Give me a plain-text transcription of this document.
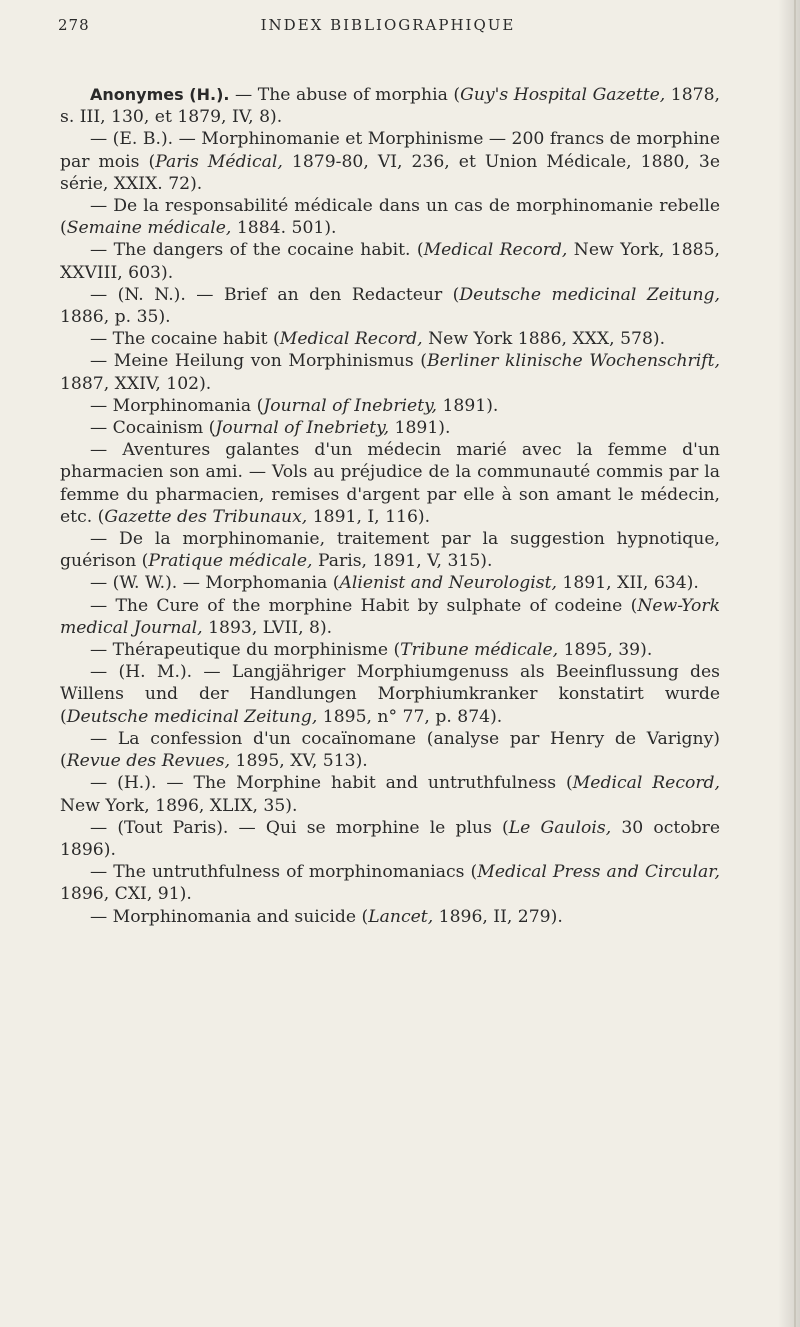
278	INDEX BIBLIOGRAPHIQUE

Anonymes (H.). — The abuse of morphia (Guy's Hospital Gazette, 1878, s. III, 130, et 1879, IV, 8).

— (E. B.). — Morphinomanie et Morphinisme — 200 francs de morphine par mois (Paris Médical, 1879-80, VI, 236, et Union Médicale, 1880, 3e série, XXIX. 72).

— De la responsabilité médicale dans un cas de morphinomanie rebelle (Semaine médicale, 1884. 501).

— The dangers of the cocaine habit. (Medical Record, New York, 1885, XXVIII, 603).

— (N. N.). — Brief an den Redacteur (Deutsche medicinal Zeitung, 1886, p. 35).

— The cocaine habit (Medical Record, New York 1886, XXX, 578).

— Meine Heilung von Morphinismus (Berliner klinische Wochenschrift, 1887, XXIV, 102).

— Morphinomania (Journal of Inebriety, 1891).

— Cocainism (Journal of Inebriety, 1891).

— Aventures galantes d'un médecin marié avec la femme d'un pharmacien son ami. — Vols au préjudice de la communauté commis par la femme du pharmacien, remises d'argent par elle à son amant le médecin, etc. (Gazette des Tribunaux, 1891, I, 116).

— De la morphinomanie, traitement par la suggestion hypnotique, guérison (Pratique médicale, Paris, 1891, V, 315).

— (W. W.). — Morphomania (Alienist and Neurologist, 1891, XII, 634).

— The Cure of the morphine Habit by sulphate of codeine (New-York medical Journal, 1893, LVII, 8).

— Thérapeutique du morphinisme (Tribune médicale, 1895, 39).

— (H. M.). — Langjähriger Morphiumgenuss als Beeinflussung des Willens und der Handlungen Morphiumkranker konstatirt wurde (Deutsche medicinal Zeitung, 1895, n° 77, p. 874).

— La confession d'un cocaïnomane (analyse par Henry de Varigny) (Revue des Revues, 1895, XV, 513).

— (H.). — The Morphine habit and untruthfulness (Medical Record, New York, 1896, XLIX, 35).

— (Tout Paris). — Qui se morphine le plus (Le Gaulois, 30 octobre 1896).

— The untruthfulness of morphinomaniacs (Medical Press and Circular, 1896, CXI, 91).

— Morphinomania and suicide (Lancet, 1896, II, 279).
